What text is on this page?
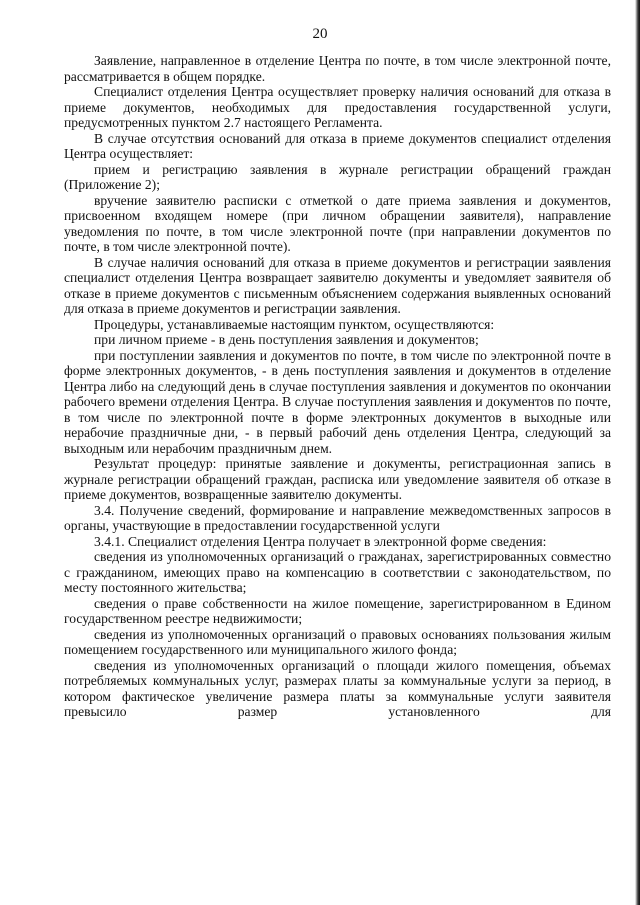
20

Заявление, направленное в отделение Центра по почте, в том числе электронной почте, рассматривается в общем порядке.

Специалист отделения Центра осуществляет проверку наличия оснований для отказа в приеме документов, необходимых для предоставления государственной услуги, предусмотренных пунктом 2.7 настоящего Регламента.

В случае отсутствия оснований для отказа в приеме документов специалист отделения Центра осуществляет:

прием и регистрацию заявления в журнале регистрации обращений граждан (Приложение 2);

вручение заявителю расписки с отметкой о дате приема заявления и документов, присвоенном входящем номере (при личном обращении заявителя), направление уведомления по почте, в том числе электронной почте (при направлении документов по почте, в том числе электронной почте).

В случае наличия оснований для отказа в приеме документов и регистрации заявления специалист отделения Центра возвращает заявителю документы и уведомляет заявителя об отказе в приеме документов с письменным объяснением содержания выявленных оснований для отказа в приеме документов и регистрации заявления.

Процедуры, устанавливаемые настоящим пунктом, осуществляются:

при личном приеме - в день поступления заявления и документов;

при поступлении заявления и документов по почте, в том числе по электронной почте в форме электронных документов, - в день поступления заявления и документов в отделение Центра либо на следующий день в случае поступления заявления и документов по окончании рабочего времени отделения Центра. В случае поступления заявления и документов по почте, в том числе по электронной почте в форме электронных документов в выходные или нерабочие праздничные дни, - в первый рабочий день отделения Центра, следующий за выходным или нерабочим праздничным днем.

Результат процедур: принятые заявление и документы, регистрационная запись в журнале регистрации обращений граждан, расписка или уведомление заявителя об отказе в приеме документов, возвращенные заявителю документы.

3.4. Получение сведений, формирование и направление межведомственных запросов в органы, участвующие в предоставлении государственной услуги

3.4.1. Специалист отделения Центра получает в электронной форме сведения:

сведения из уполномоченных организаций о гражданах, зарегистрированных совместно с гражданином, имеющих право на компенсацию в соответствии с законодательством, по месту постоянного жительства;

сведения о праве собственности на жилое помещение, зарегистрированном в Едином государственном реестре недвижимости;

сведения из уполномоченных организаций о правовых основаниях пользования жилым помещением государственного или муниципального жилого фонда;

сведения из уполномоченных организаций о площади жилого помещения, объемах потребляемых коммунальных услуг, размерах платы за коммунальные услуги за период, в котором фактическое увеличение размера платы за коммунальные услуги заявителя превысило размер установленного для
